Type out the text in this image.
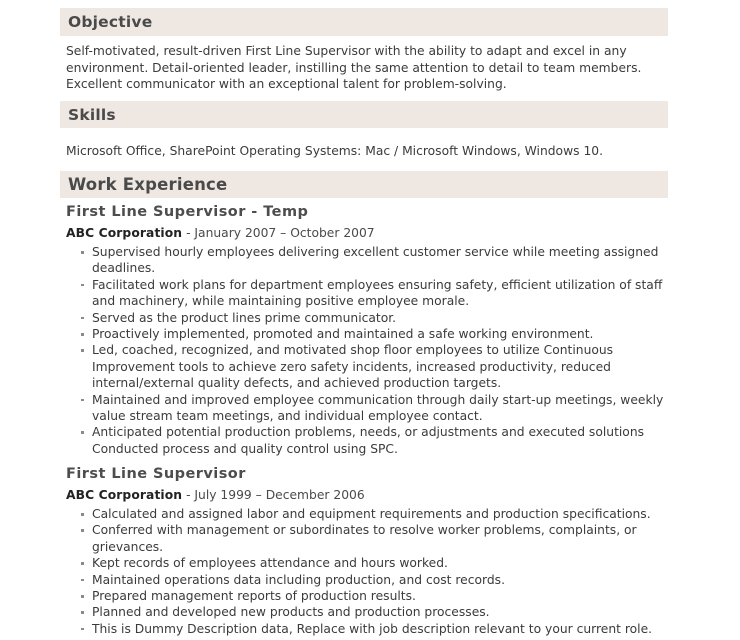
Objective
Self-motivated, result-driven First Line Supervisor with the ability to adapt and excel in any environment. Detail-oriented leader, instilling the same attention to detail to team members. Excellent communicator with an exceptional talent for problem-solving.
Skills
Microsoft Office, SharePoint Operating Systems: Mac / Microsoft Windows, Windows 10.
Work Experience
First Line Supervisor - Temp
ABC Corporation - January 2007 – October 2007
Supervised hourly employees delivering excellent customer service while meeting assigned deadlines.
Facilitated work plans for department employees ensuring safety, efficient utilization of staff and machinery, while maintaining positive employee morale.
Served as the product lines prime communicator.
Proactively implemented, promoted and maintained a safe working environment.
Led, coached, recognized, and motivated shop floor employees to utilize Continuous Improvement tools to achieve zero safety incidents, increased productivity, reduced internal/external quality defects, and achieved production targets.
Maintained and improved employee communication through daily start-up meetings, weekly value stream team meetings, and individual employee contact.
Anticipated potential production problems, needs, or adjustments and executed solutions Conducted process and quality control using SPC.
First Line Supervisor
ABC Corporation - July 1999 – December 2006
Calculated and assigned labor and equipment requirements and production specifications.
Conferred with management or subordinates to resolve worker problems, complaints, or grievances.
Kept records of employees attendance and hours worked.
Maintained operations data including production, and cost records.
Prepared management reports of production results.
Planned and developed new products and production processes.
This is Dummy Description data, Replace with job description relevant to your current role.
